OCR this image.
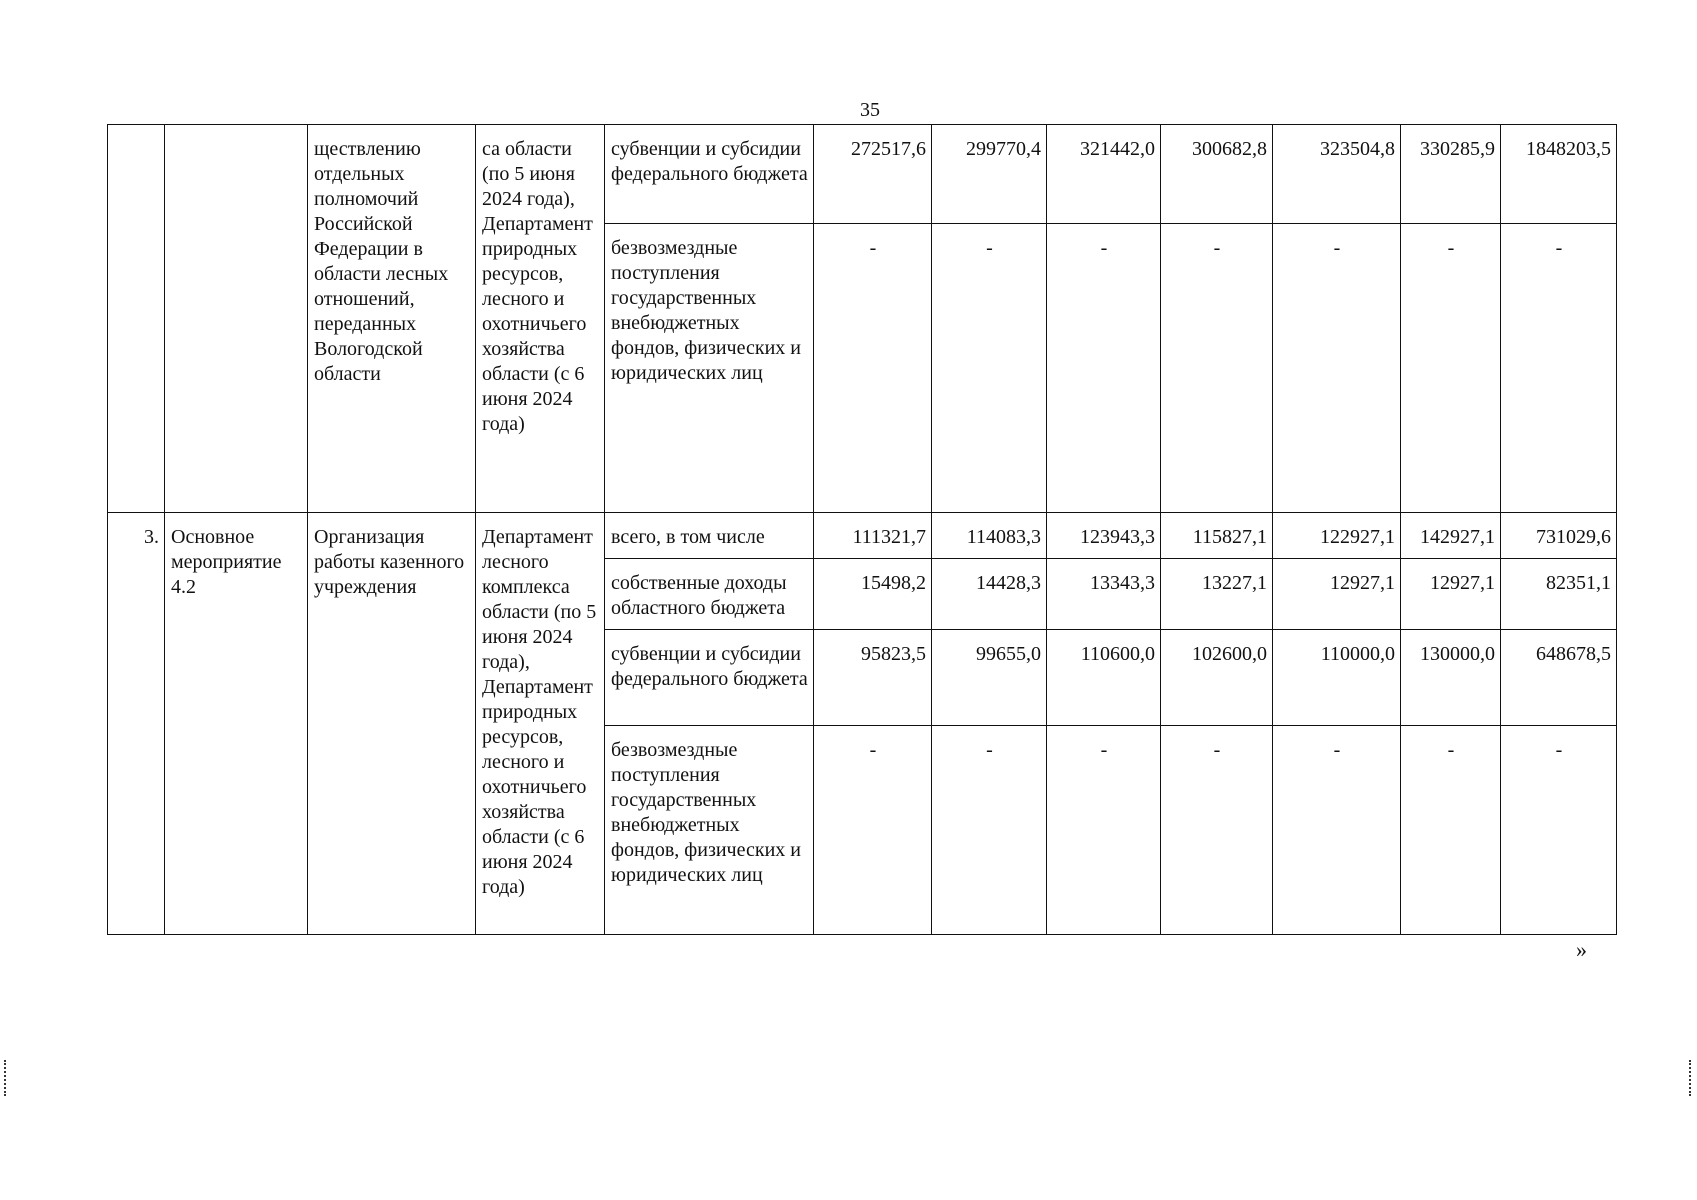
35
		ществлению отдельных полномочий Российской Федерации в области лесных отношений, переданных Вологодской области	са области (по 5 июня 2024 года), Департамент природных ресурсов, лесного и охотничьего хозяйства области (с 6 июня 2024 года)	субвенции и субсидии федерального бюджета	272517,6	299770,4	321442,0	300682,8	323504,8	330285,9	1848203,5
				безвозмездные поступления государственных внебюджетных фондов, физических и юридических лиц	-	-	-	-	-	-	-
3.	Основное мероприятие 4.2	Организация работы казенного учреждения	Департамент лесного комплекса области (по 5 июня 2024 года), Департамент природных ресурсов, лесного и охотничьего хозяйства области (с 6 июня 2024 года)	всего, в том числе	111321,7	114083,3	123943,3	115827,1	122927,1	142927,1	731029,6
				собственные доходы областного бюджета	15498,2	14428,3	13343,3	13227,1	12927,1	12927,1	82351,1
				субвенции и субсидии федерального бюджета	95823,5	99655,0	110600,0	102600,0	110000,0	130000,0	648678,5
				безвозмездные поступления государственных внебюджетных фондов, физических и юридических лиц	-	-	-	-	-	-	-
»
